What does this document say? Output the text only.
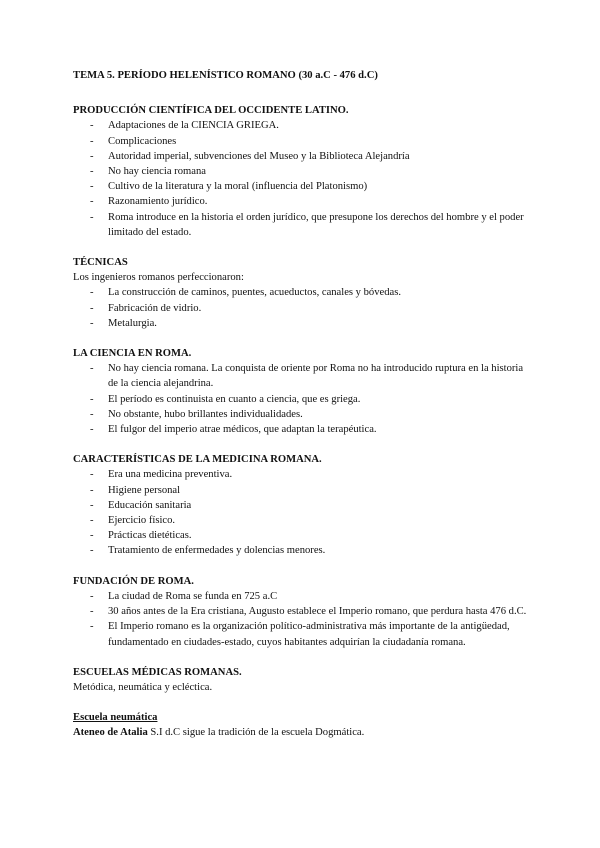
TEMA 5. PERÍODO HELENÍSTICO ROMANO (30 a.C - 476 d.C)

PRODUCCIÓN CIENTÍFICA DEL OCCIDENTE LATINO.

- Adaptaciones de la CIENCIA GRIEGA.
- Complicaciones
- Autoridad imperial, subvenciones del Museo y la Biblioteca Alejandría
- No hay ciencia romana
- Cultivo de la literatura y la moral (influencia del Platonismo)
- Razonamiento jurídico.
- Roma introduce en la historia el orden jurídico, que presupone los derechos del hombre y el poder limitado del estado.

TÉCNICAS

Los ingenieros romanos perfeccionaron:

- La construcción de caminos, puentes, acueductos, canales y bóvedas.
- Fabricación de vidrio.
- Metalurgia.

LA CIENCIA EN ROMA.

- No hay ciencia romana. La conquista de oriente por Roma no ha introducido ruptura en la historia de la ciencia alejandrina.
- El período es continuista en cuanto a ciencia, que es griega.
- No obstante, hubo brillantes individualidades.
- El fulgor del imperio atrae médicos, que adaptan la terapéutica.

CARACTERÍSTICAS DE LA MEDICINA ROMANA.

- Era una medicina preventiva.
- Higiene personal
- Educación sanitaria
- Ejercicio físico.
- Prácticas dietéticas.
- Tratamiento de enfermedades y dolencias menores.

FUNDACIÓN DE ROMA.

- La ciudad de Roma se funda en 725 a.C
- 30 años antes de la Era cristiana, Augusto establece el Imperio romano, que perdura hasta 476 d.C.
- El Imperio romano es la organización político-administrativa más importante de la antigüedad, fundamentado en ciudades-estado, cuyos habitantes adquirían la ciudadanía romana.

ESCUELAS MÉDICAS ROMANAS.

Metódica, neumática y ecléctica.

Escuela neumática

Ateneo de Atalia S.I d.C sigue la tradición de la escuela Dogmática.
